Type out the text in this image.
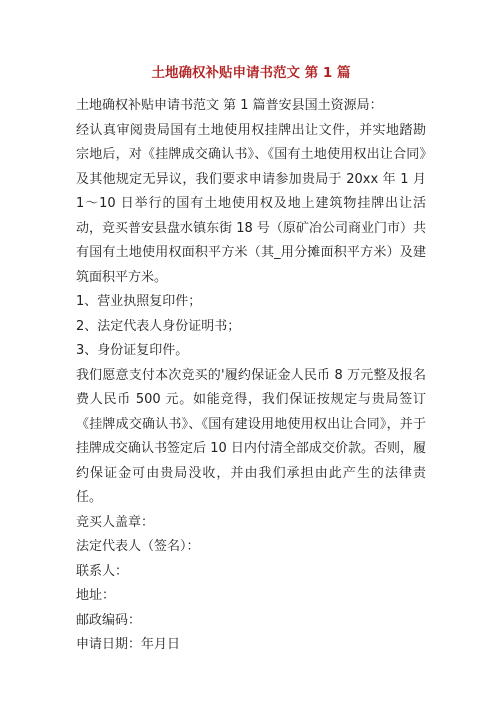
土地确权补贴申请书范文 第 1 篇

土地确权补贴申请书范文 第 1 篇普安县国土资源局：

经认真审阅贵局国有土地使用权挂牌出让文件，并实地踏勘宗地后，对《挂牌成交确认书》、《国有土地使用权出让合同》及其他规定无异议，我们要求申请参加贵局于 20xx 年 1 月 1～10 日举行的国有土地使用权及地上建筑物挂牌出让活动，竞买普安县盘水镇东街 18 号（原矿冶公司商业门市）共有国有土地使用权面积平方米（其_用分摊面积平方米）及建筑面积平方米。

1、营业执照复印件；

2、法定代表人身份证明书；

3、身份证复印件。

我们愿意支付本次竞买的'履约保证金人民币 8 万元整及报名费人民币 500 元。如能竞得，我们保证按规定与贵局签订《挂牌成交确认书》、《国有建设用地使用权出让合同》，并于挂牌成交确认书签定后 10 日内付清全部成交价款。否则，履约保证金可由贵局没收，并由我们承担由此产生的法律责任。

竞买人盖章：

法定代表人（签名）：

联系人：

地址：

邮政编码：

申请日期：年月日
